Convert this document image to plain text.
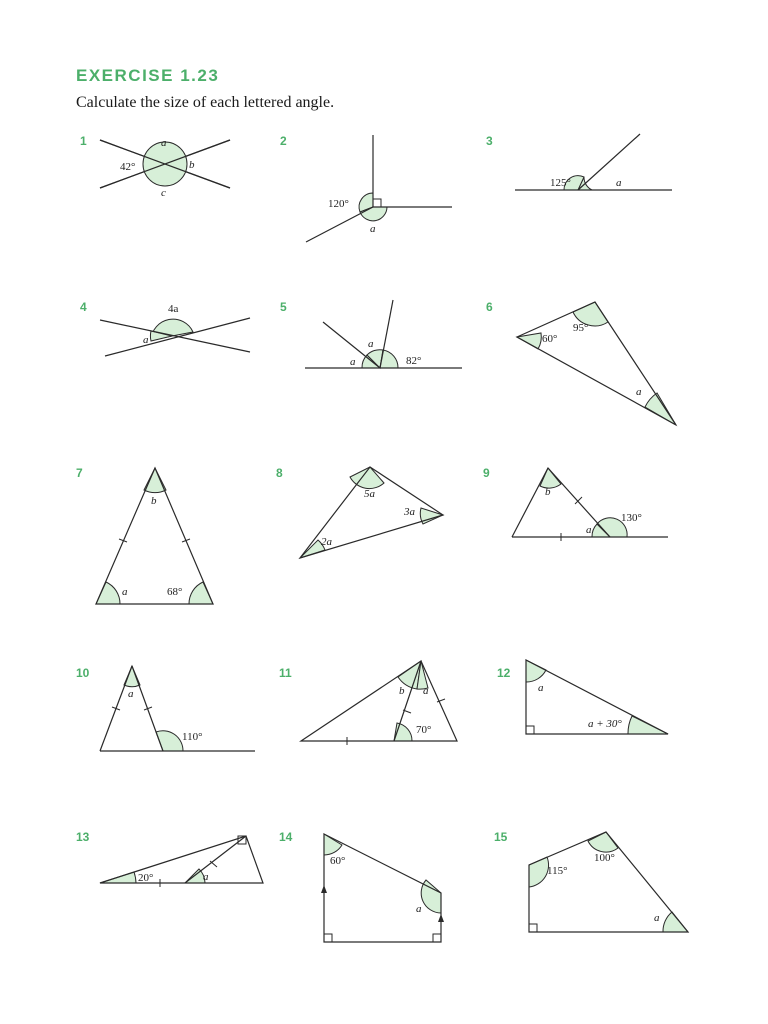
EXERCISE 1.23
Calculate the size of each lettered angle.
1	a
42°	b
c
2
120°
a
3
125°	a
4	4a
a
5
a
a
82°
6
60°
95°
a
7
b
a	68°
8
5a
3a
2a
9
b
130°
a
10
a
110°
11
b a
70°
12
a
a + 30°
13
20°	a
14
60°
a
15
115°
100°
a
